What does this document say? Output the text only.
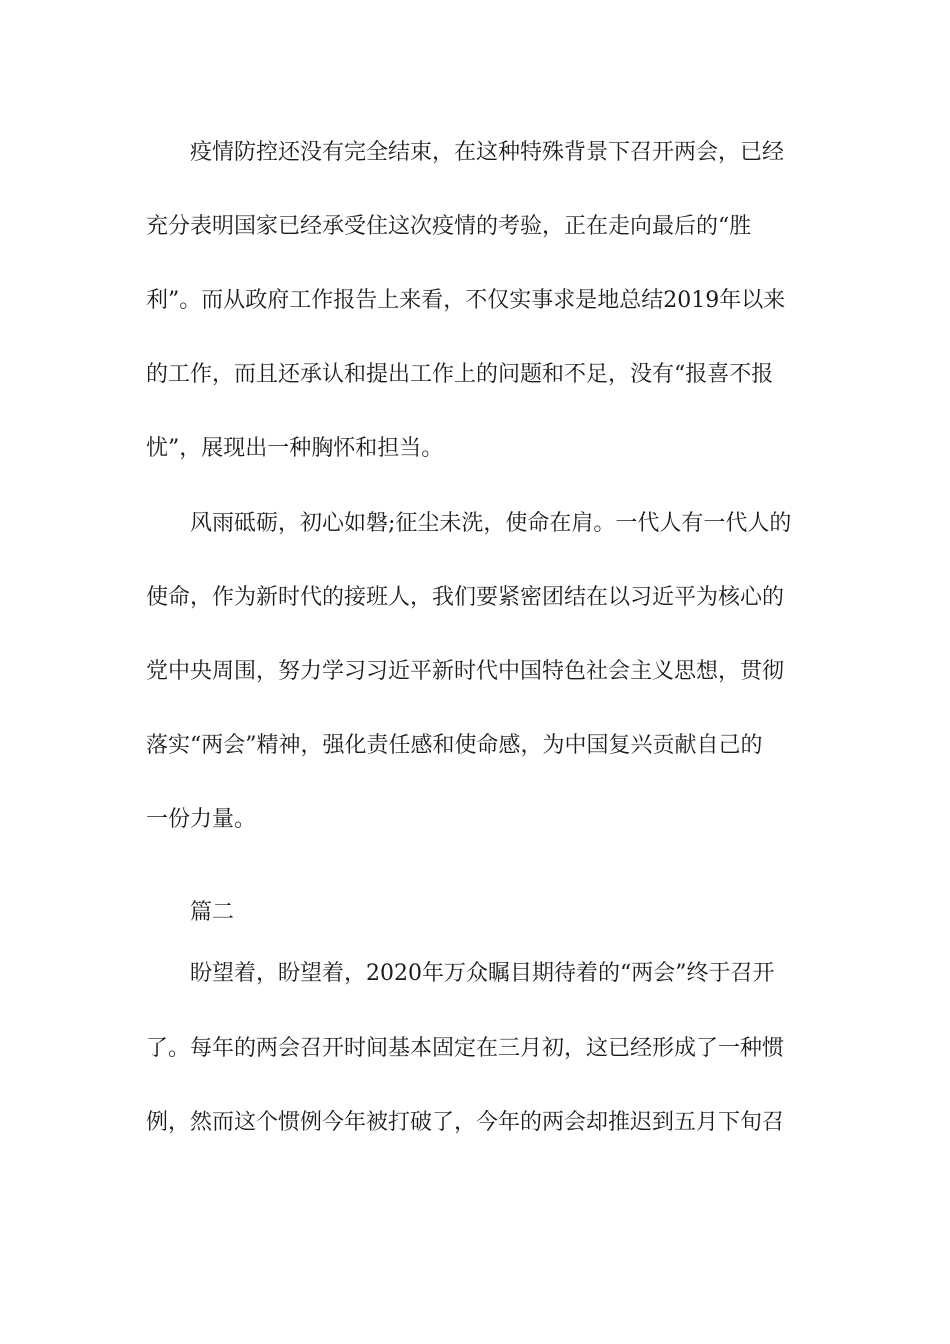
疫情防控还没有完全结束，在这种特殊背景下召开两会，已经
充分表明国家已经承受住这次疫情的考验，正在走向最后的“胜
利”。而从政府工作报告上来看，不仅实事求是地总结2019年以来
的工作，而且还承认和提出工作上的问题和不足，没有“报喜不报
忧”，展现出一种胸怀和担当。
风雨砥砺，初心如磐;征尘未洗，使命在肩。一代人有一代人的
使命，作为新时代的接班人，我们要紧密团结在以习近平为核心的
党中央周围，努力学习习近平新时代中国特色社会主义思想，贯彻
落实“两会”精神，强化责任感和使命感，为中国复兴贡献自己的
一份力量。
篇二
盼望着，盼望着，2020年万众瞩目期待着的“两会”终于召开
了。每年的两会召开时间基本固定在三月初，这已经形成了一种惯
例，然而这个惯例今年被打破了，今年的两会却推迟到五月下旬召
